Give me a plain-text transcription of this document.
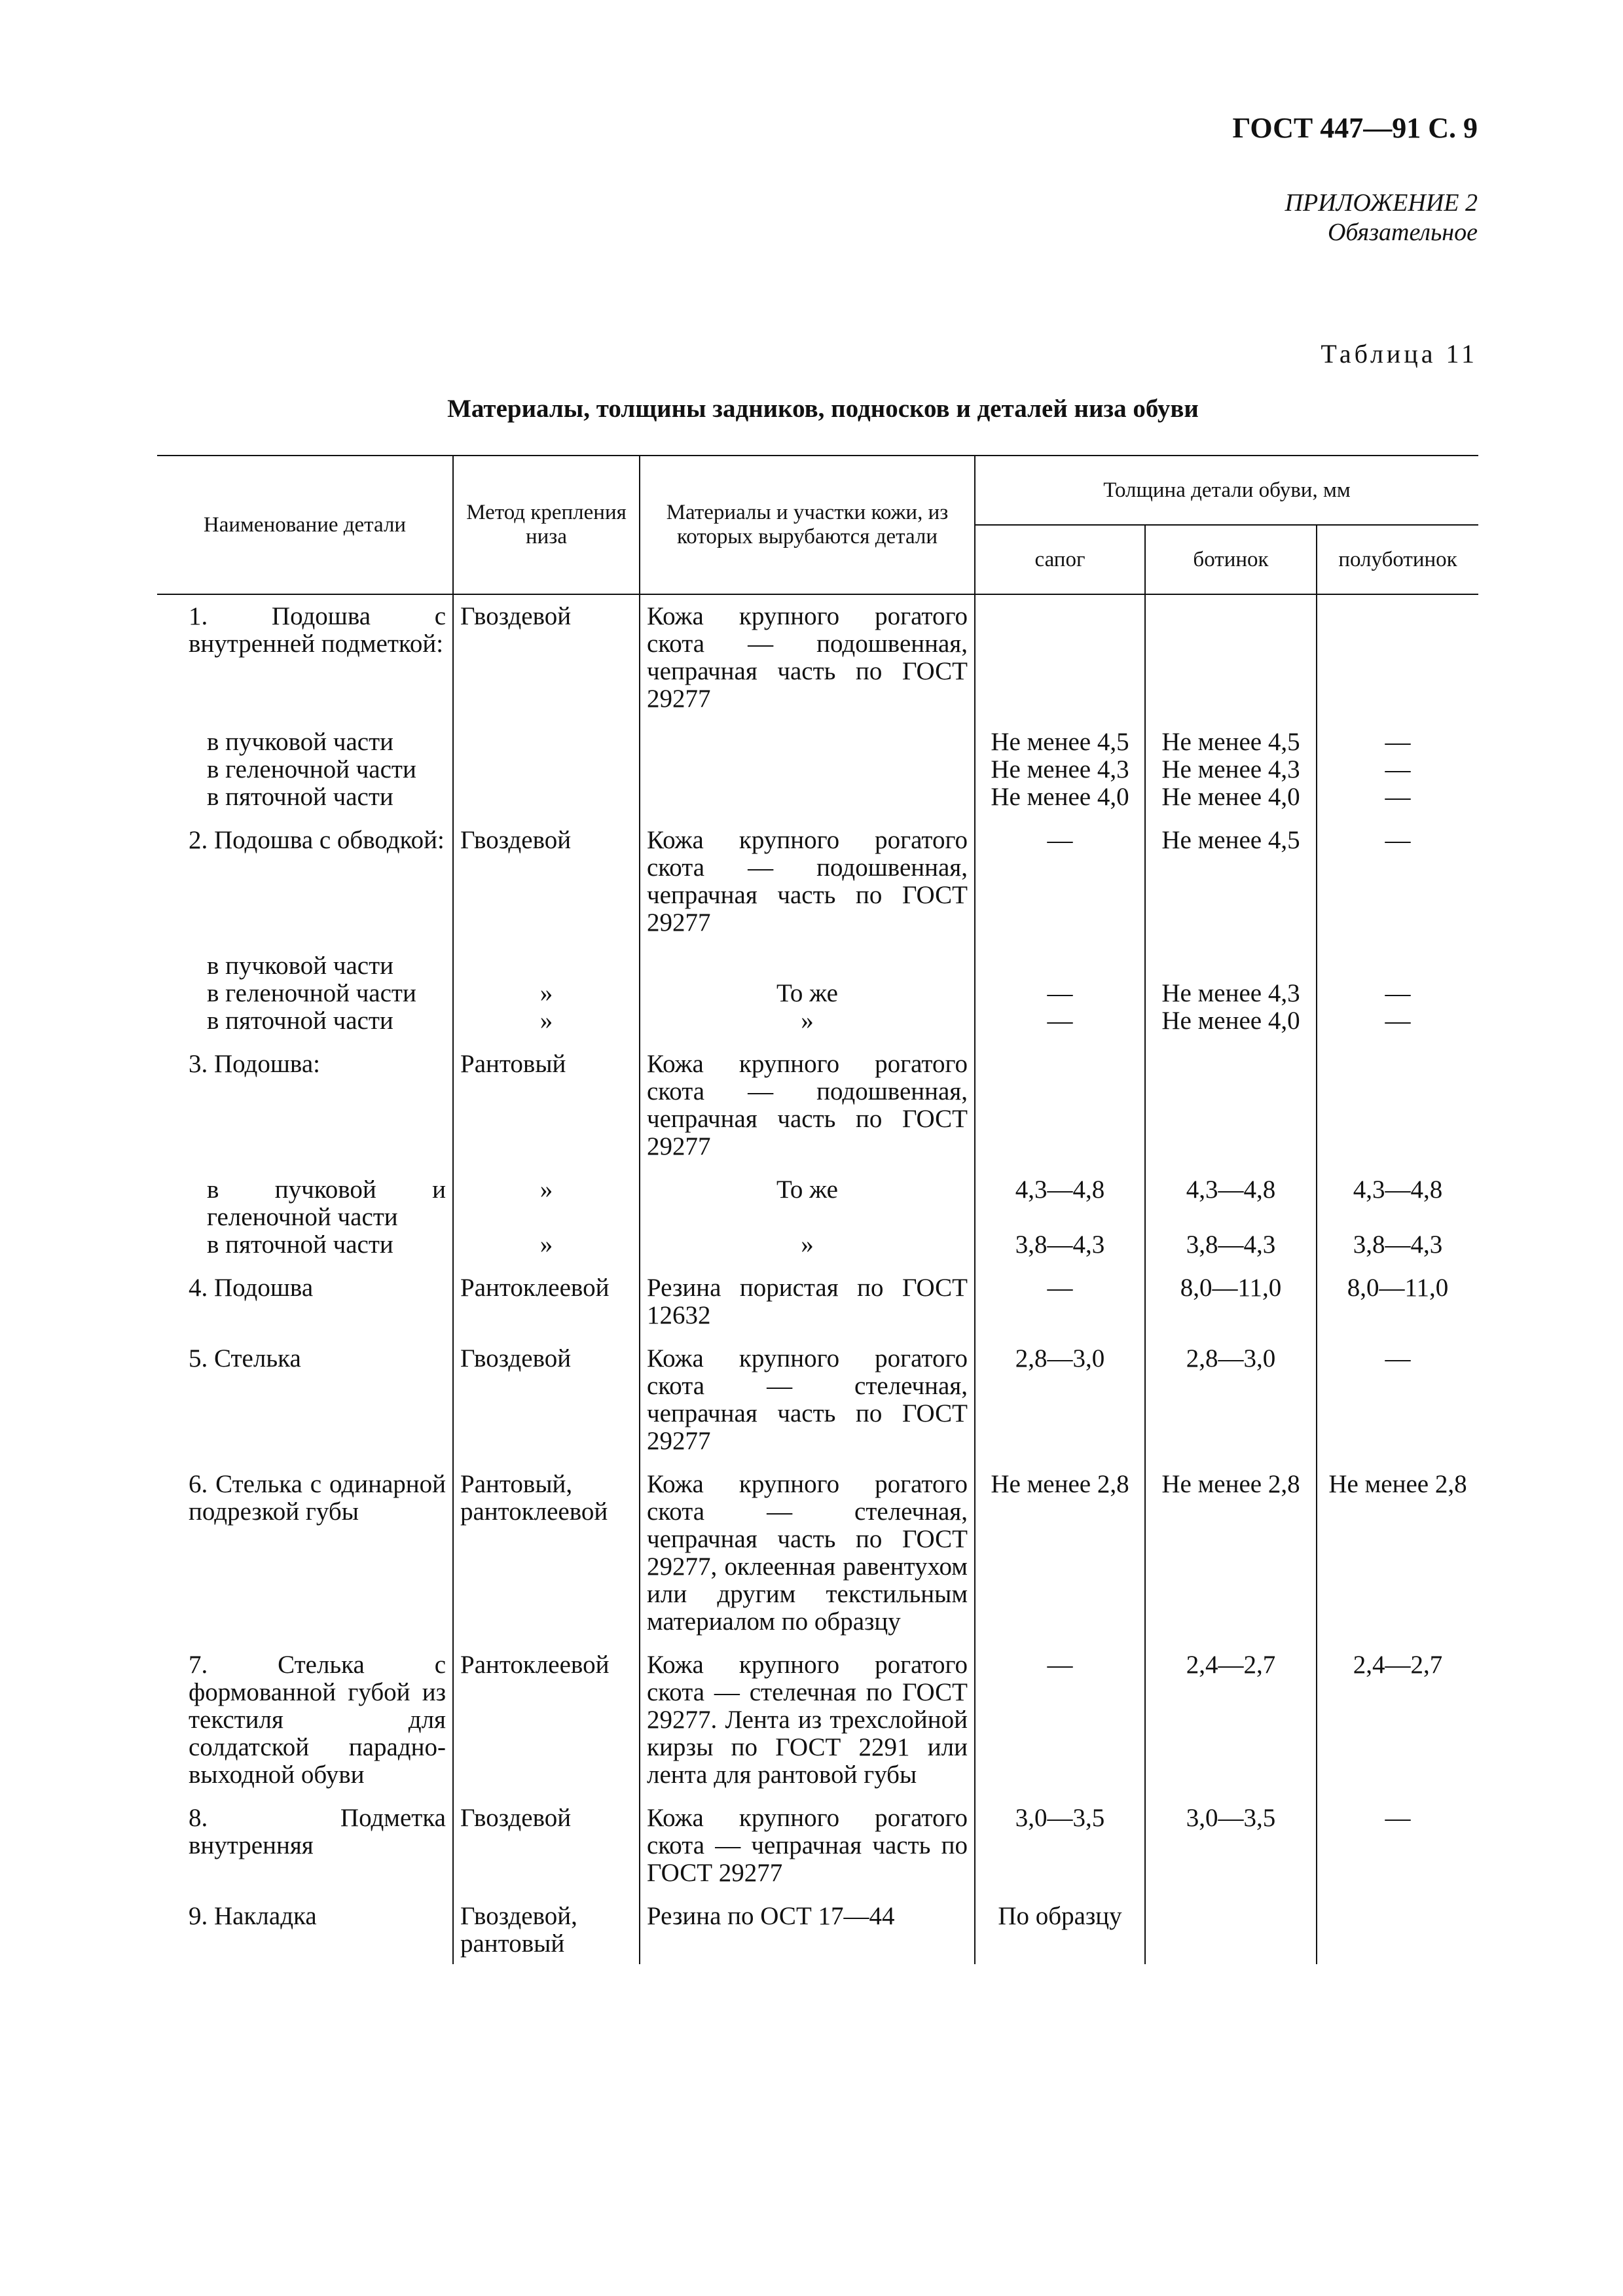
ГОСТ 447—91 С. 9
ПРИЛОЖЕНИЕ 2
Обязательное
Таблица 11
Материалы, толщины задников, подносков и деталей низа обуви
Наименование детали	Метод крепления низа	Материалы и участки кожи, из которых вырубаются детали	Толщина детали обуви, мм		
			сапог	ботинок	полуботинок
1. Подошва с внутренней подметкой:	Гвоздевой	Кожа крупного рогатого скота — подошвенная, чепрачная часть по ГОСТ 29277			

в пучковой части			Не менее 4,5	Не менее 4,5	—
в геленочной части			Не менее 4,3	Не менее 4,3	—
в пяточной части			Не менее 4,0	Не менее 4,0	—

2. Подошва с обводкой:	Гвоздевой	Кожа крупного рогатого скота — подошвенная, чепрачная часть по ГОСТ 29277	—	Не менее 4,5	—

в пучковой части					
в геленочной части	»	То же	—	Не менее 4,3	—
в пяточной части	»	»	—	Не менее 4,0	—

3. Подошва:	Рантовый	Кожа крупного рогатого скота — подошвенная, чепрачная часть по ГОСТ 29277			

в пучковой и геленочной части	»	То же	4,3—4,8	4,3—4,8	4,3—4,8
в пяточной части	»	»	3,8—4,3	3,8—4,3	3,8—4,3

4. Подошва	Рантоклеевой	Резина пористая по ГОСТ 12632	—	8,0—11,0	8,0—11,0

5. Стелька	Гвоздевой	Кожа крупного рогатого скота — стелечная, чепрачная часть по ГОСТ 29277	2,8—3,0	2,8—3,0	—

6. Стелька с одинарной подрезкой губы	Рантовый, рантоклеевой	Кожа крупного рогатого скота — стелечная, чепрачная часть по ГОСТ 29277, оклеенная равентухом или другим текстильным материалом по образцу	Не менее 2,8	Не менее 2,8	Не менее 2,8

7. Стелька с формованной губой из текстиля для солдатской парадно-выходной обуви	Рантоклеевой	Кожа крупного рогатого скота — стелечная по ГОСТ 29277. Лента из трехслойной кирзы по ГОСТ 2291 или лента для рантовой губы	—	2,4—2,7	2,4—2,7

8. Подметка внутренняя	Гвоздевой	Кожа крупного рогатого скота — чепрачная часть по ГОСТ 29277	3,0—3,5	3,0—3,5	—

9. Накладка	Гвоздевой, рантовый	Резина по ОСТ 17—44	По образцу		
